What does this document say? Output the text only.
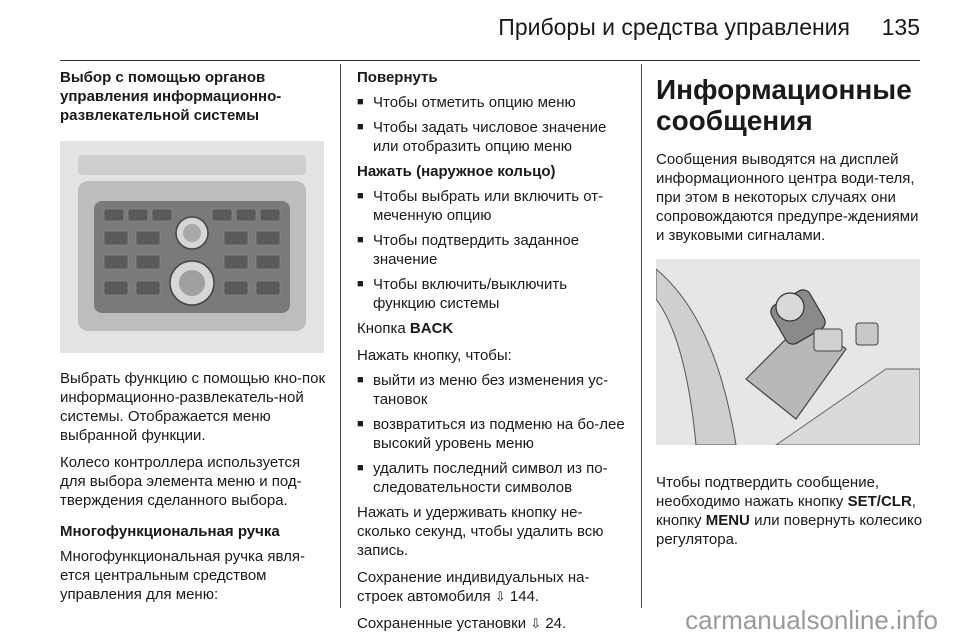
Приборы и средства управления 135
Выбор с помощью органов управления информационно-развлекательной системы

Выбрать функцию с помощью кно-пок информационно-развлекатель-ной системы. Отображается меню выбранной функции.

Колесо контроллера используется для выбора элемента меню и под-тверждения сделанного выбора.

Многофункциональная ручка

Многофункциональная ручка явля-ется центральным средством управления для меню:

Повернуть
■ Чтобы отметить опцию меню
■ Чтобы задать числовое значение или отобразить опцию меню
Нажать (наружное кольцо)
■ Чтобы выбрать или включить от-меченную опцию
■ Чтобы подтвердить заданное значение
■ Чтобы включить/выключить функцию системы

Кнопка BACK

Нажать кнопку, чтобы:

■ выйти из меню без изменения ус-тановок
■ возвратиться из подменю на бо-лее высокий уровень меню
■ удалить последний символ из по-следовательности символов

Нажать и удерживать кнопку не-сколько секунд, чтобы удалить всю запись.

Сохранение индивидуальных на-строек автомобиля ⇩ 144.

Сохраненные установки ⇩ 24.

Информационные сообщения

Сообщения выводятся на дисплей информационного центра води-теля, при этом в некоторых случаях они сопровождаются предупре-ждениями и звуковыми сигналами.

Чтобы подтвердить сообщение, необходимо нажать кнопку SET/CLR, кнопку MENU или повернуть колесико регулятора.

carmanualsonline.info
